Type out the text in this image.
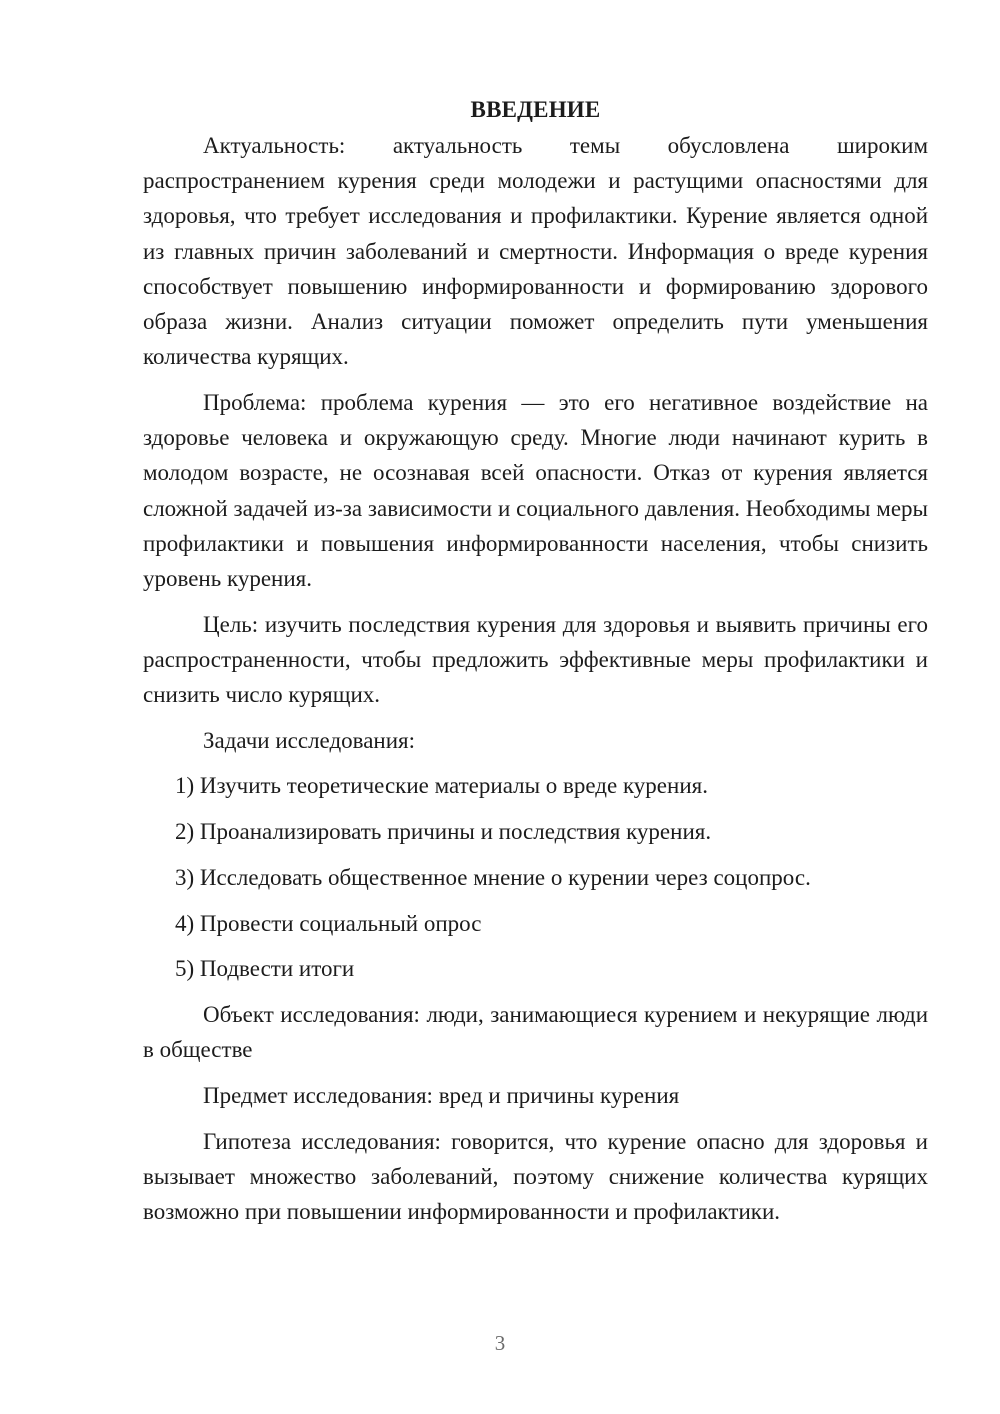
ВВЕДЕНИЕ

Актуальность: актуальность темы обусловлена широким распространением курения среди молодежи и растущими опасностями для здоровья, что требует исследования и профилактики. Курение является одной из главных причин заболеваний и смертности. Информация о вреде курения способствует повышению информированности и формированию здорового образа жизни. Анализ ситуации поможет определить пути уменьшения количества курящих.

Проблема: проблема курения — это его негативное воздействие на здоровье человека и окружающую среду. Многие люди начинают курить в молодом возрасте, не осознавая всей опасности. Отказ от курения является сложной задачей из-за зависимости и социального давления. Необходимы меры профилактики и повышения информированности населения, чтобы снизить уровень курения.

Цель: изучить последствия курения для здоровья и выявить причины его распространенности, чтобы предложить эффективные меры профилактики и снизить число курящих.

Задачи исследования:

1) Изучить теоретические материалы о вреде курения.
2) Проанализировать причины и последствия курения.
3) Исследовать общественное мнение о курении через соцопрос.
4) Провести социальный опрос
5) Подвести итоги

Объект исследования: люди, занимающиеся курением и некурящие люди в обществе

Предмет исследования: вред и причины курения

Гипотеза исследования: говорится, что курение опасно для здоровья и вызывает множество заболеваний, поэтому снижение количества курящих возможно при повышении информированности и профилактики.

3
